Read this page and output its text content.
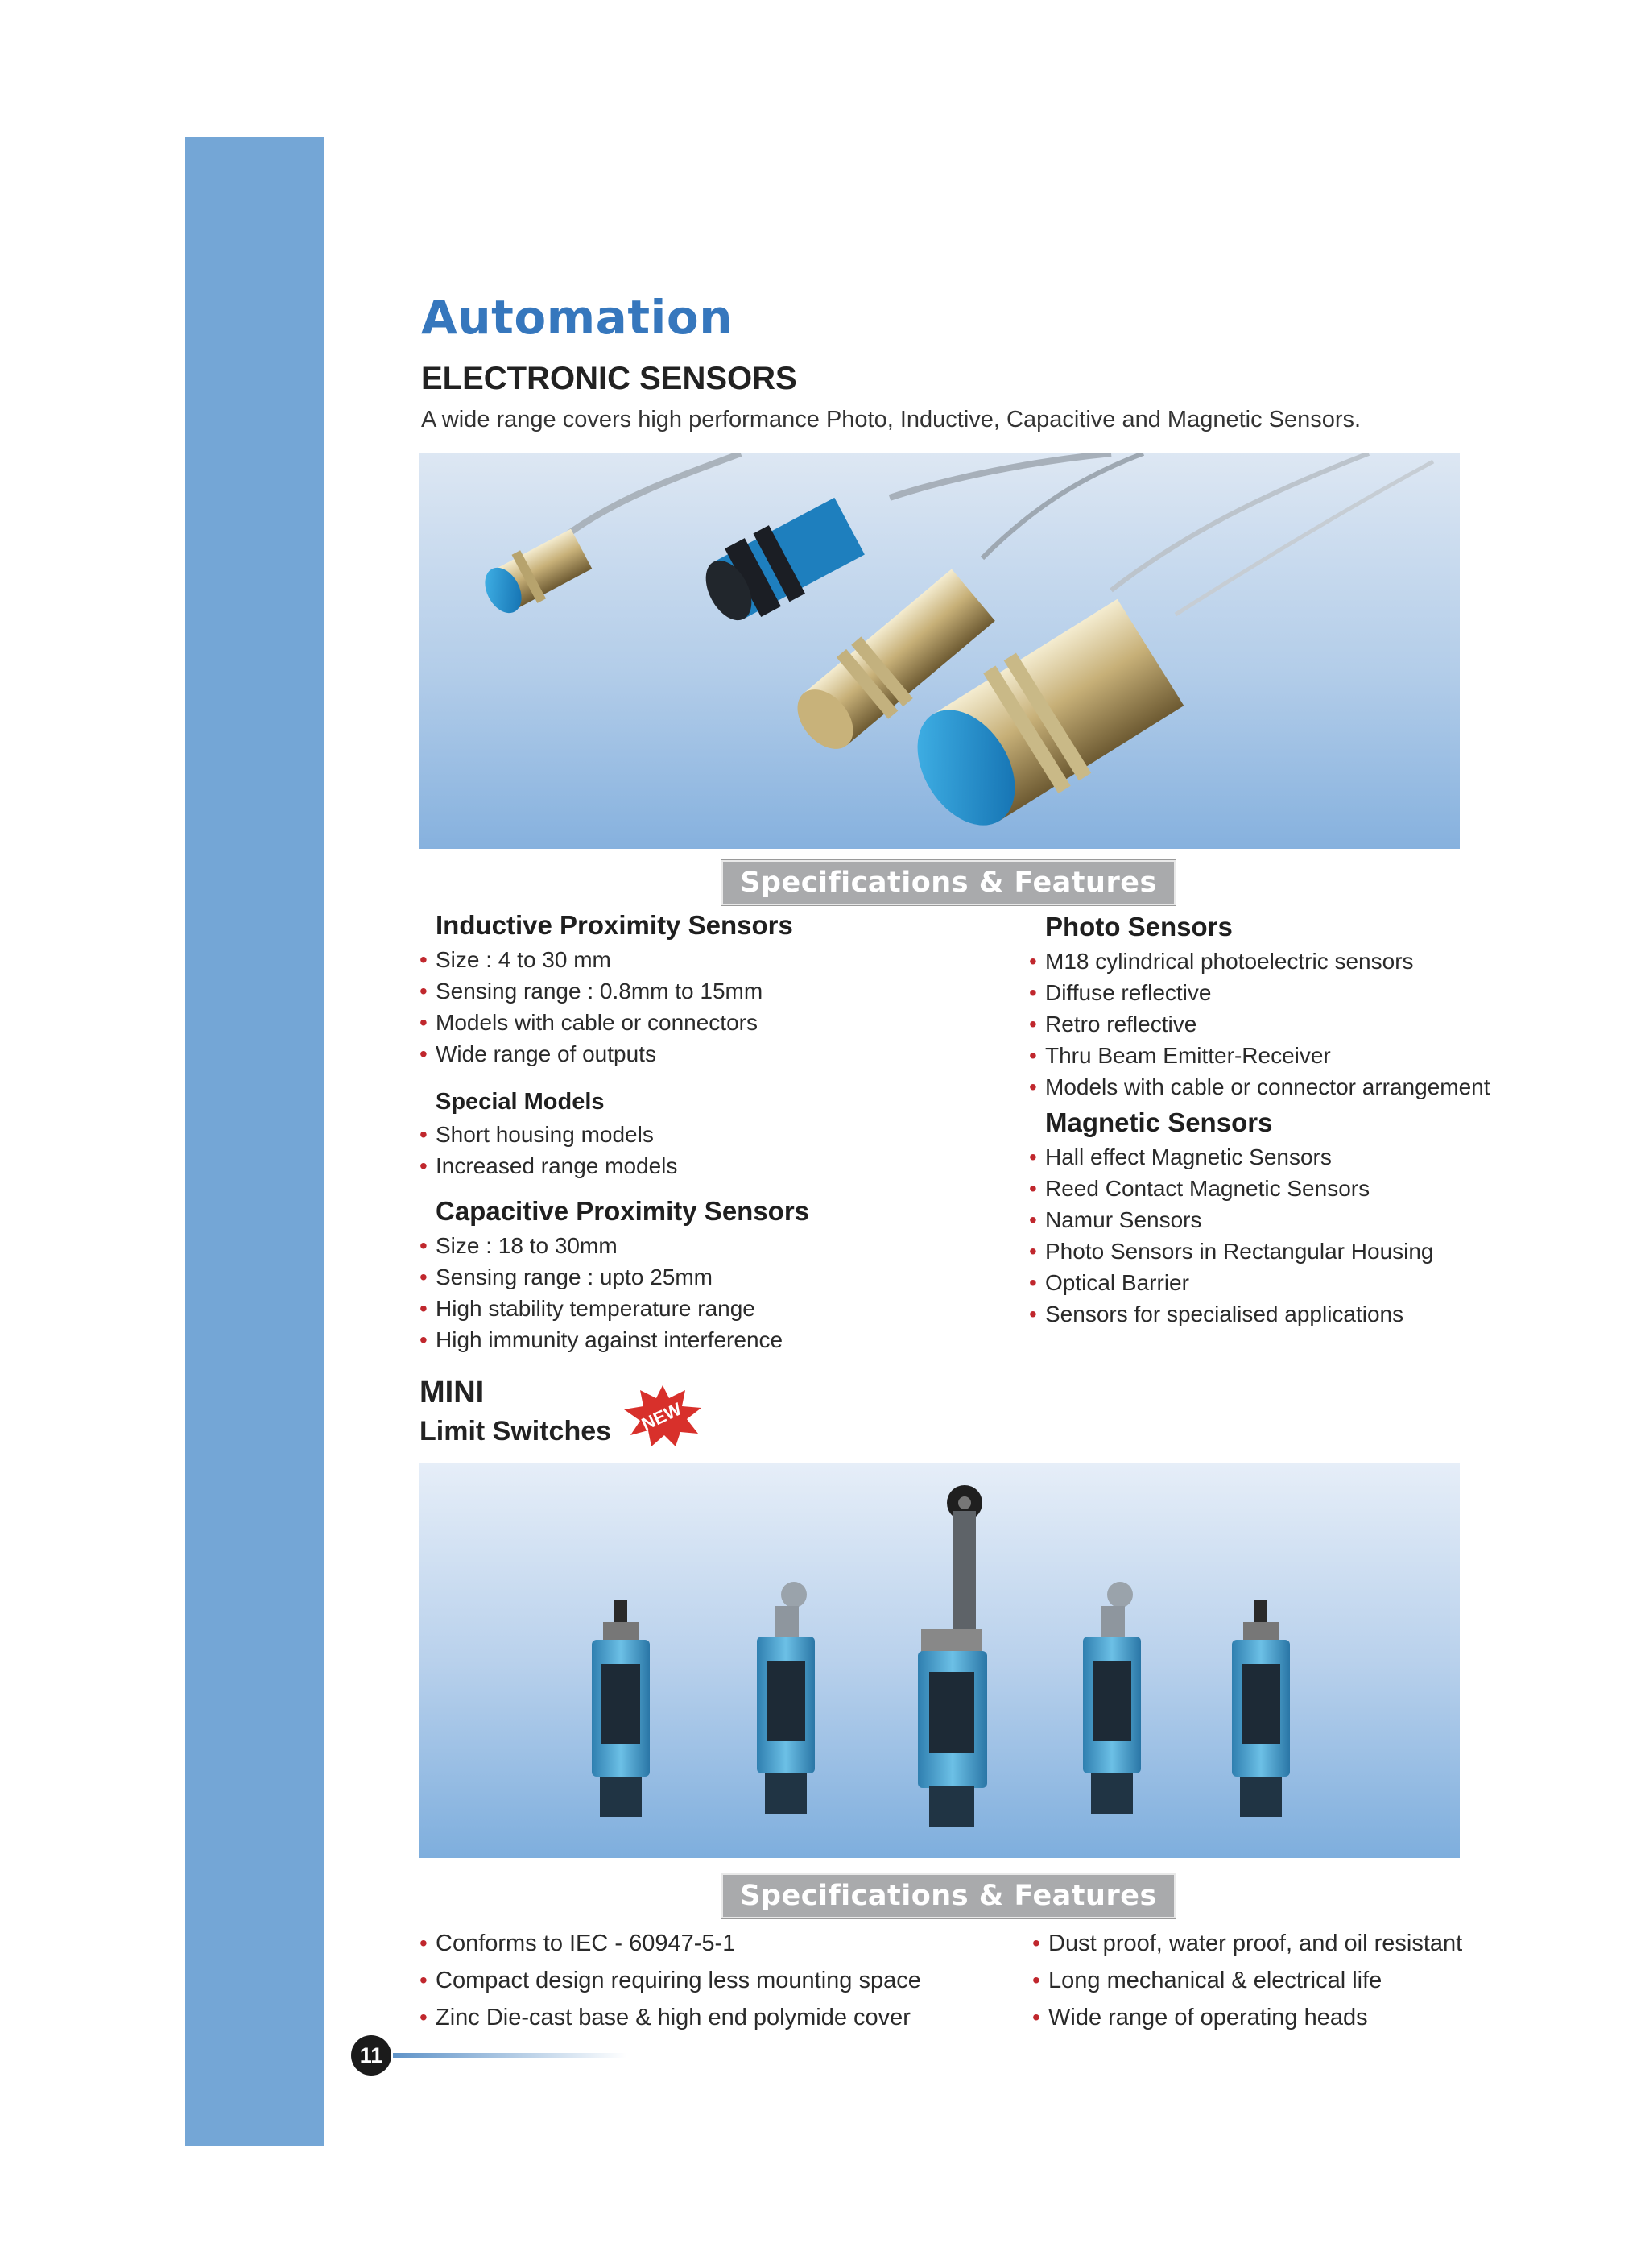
Automation
ELECTRONIC SENSORS
A wide range covers high performance Photo, Inductive, Capacitive and Magnetic Sensors.
Specifications & Features
Inductive Proximity Sensors
• Size : 4 to 30 mm
• Sensing range : 0.8mm to 15mm
• Models with cable or connectors
• Wide range of outputs
Special Models
• Short housing models
• Increased range models
Capacitive Proximity Sensors
• Size : 18 to 30mm
• Sensing range : upto 25mm
• High stability temperature range
• High immunity against interference
Photo Sensors
• M18 cylindrical photoelectric sensors
• Diffuse reflective
• Retro reflective
• Thru Beam Emitter-Receiver
• Models with cable or connector arrangement
Magnetic Sensors
• Hall effect Magnetic Sensors
• Reed Contact Magnetic Sensors
• Namur Sensors
• Photo Sensors in Rectangular Housing
• Optical Barrier
• Sensors for specialised applications
MINI
Limit Switches NEW
Specifications & Features
• Conforms to IEC - 60947-5-1
• Compact design requiring less mounting space
• Zinc Die-cast base & high end polymide cover
• Dust proof, water proof, and oil resistant
• Long mechanical & electrical life
• Wide range of operating heads
11
